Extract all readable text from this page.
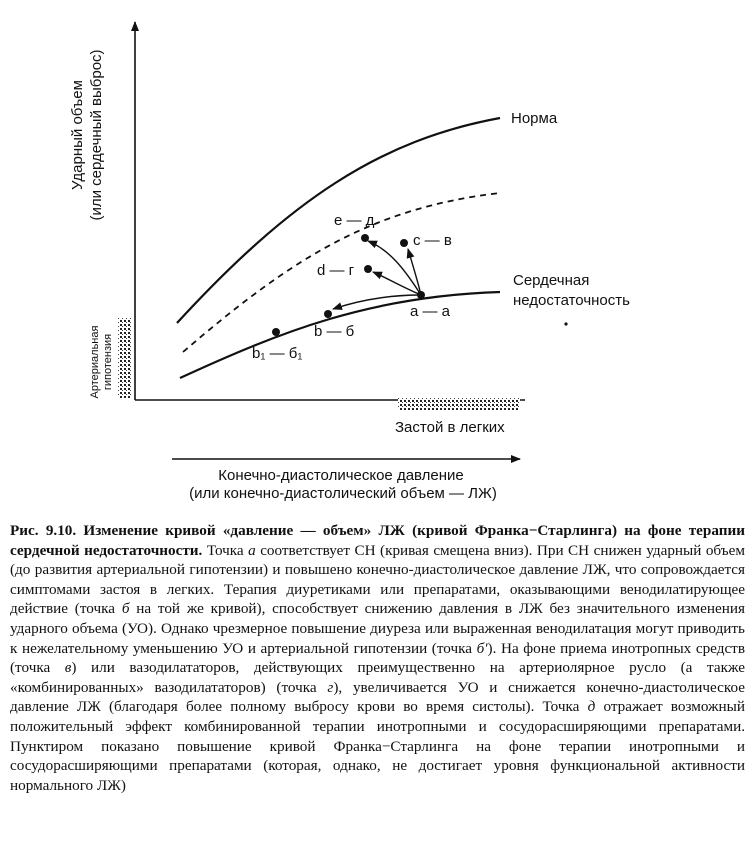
e — д
c — в
d — г
а — а
b — б
b₁ — б₁
Норма
Сердечная
недостаточность
Артериальная гипотензия
Застой в легких
Ударный объем (или сердечный выброс)
Конечно-диастолическое давление
(или конечно-диастолический объем — ЛЖ)
Рис. 9.10. Изменение кривой «давление — объем» ЛЖ (кривой Франка−Старлинга) на фоне терапии сердечной недостаточности. Точка а соответствует СН (кривая смещена вниз). При СН снижен ударный объем (до развития артериальной гипотензии) и повышено конечно-диастолическое давление ЛЖ, что сопровождается симптомами застоя в легких. Терапия диуретиками или препаратами, оказывающими венодилатирующее действие (точка б на той же кривой), способствует снижению давления в ЛЖ без значительного изменения ударного объема (УО). Однако чрезмерное повышение диуреза или выраженная венодилатация могут приводить к нежелательному уменьшению УО и артериальной гипотензии (точка б′). На фоне приема инотропных средств (точка в) или вазодилататоров, действующих преимущественно на артериолярное русло (а также «комбинированных» вазодилататоров) (точка г), увеличивается УО и снижается конечно-диастолическое давление ЛЖ (благодаря более полному выбросу крови во время систолы). Точка д отражает возможный положительный эффект комбинированной терапии инотропными и сосудорасширяющими препаратами. Пунктиром показано повышение кривой Франка−Старлинга на фоне терапии инотропными и сосудорасширяющими препаратами (которая, однако, не достигает уровня функциональной активности нормального ЛЖ)
